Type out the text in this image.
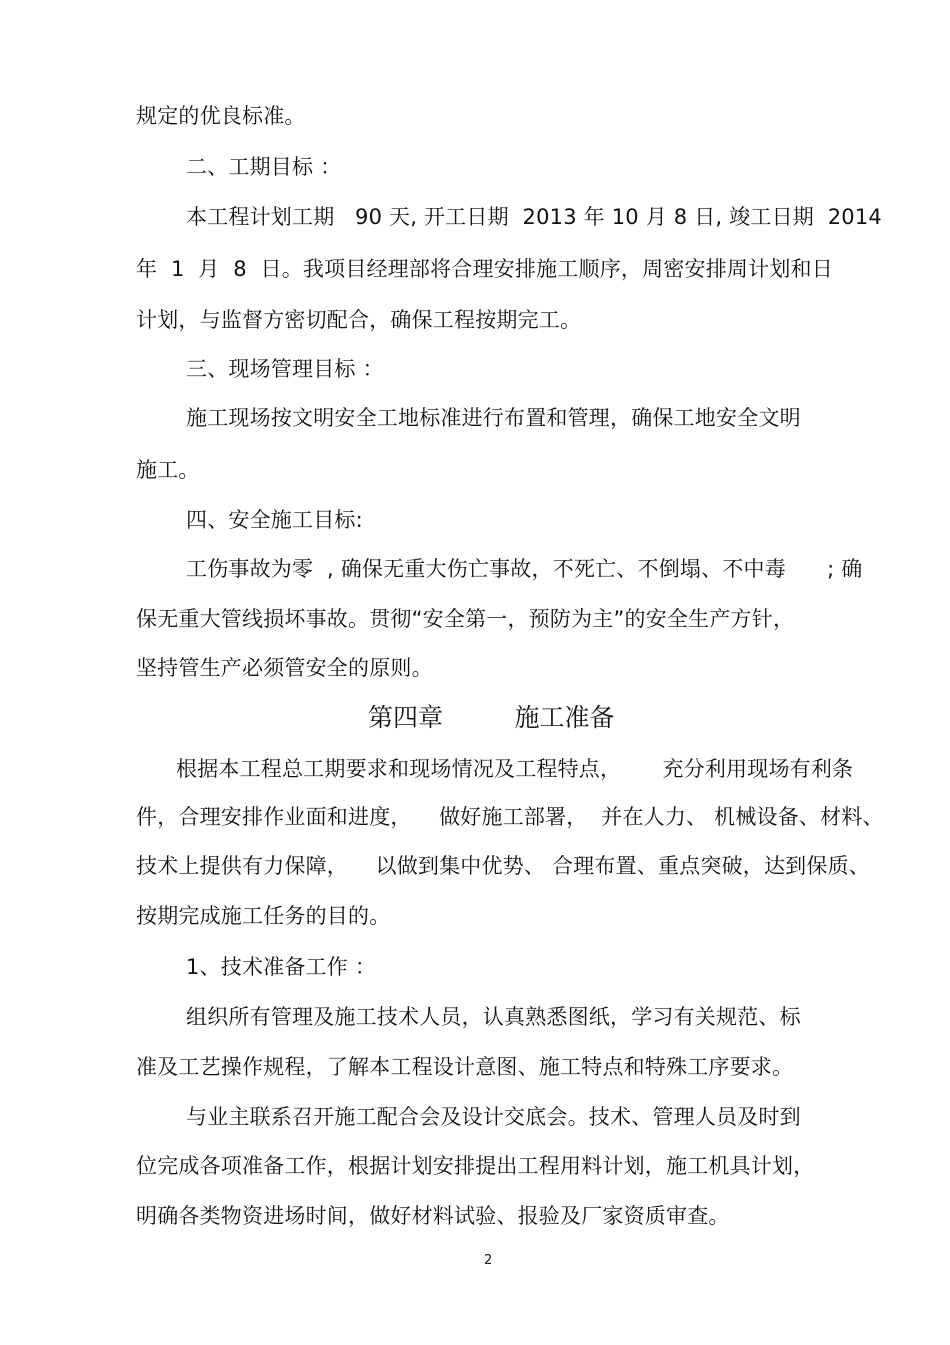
规定的优良标准。
二、工期目标 ：
本工程计划工期   90 天, 开工日期  2013 年 10 月 8 日, 竣工日期  2014
年  1  月  8  日。我项目经理部将合理安排施工顺序，周密安排周计划和日
计划，与监督方密切配合，确保工程按期完工。
三、现场管理目标 ：
施工现场按文明安全工地标准进行布置和管理，确保工地安全文明
施工。
四、安全施工目标:
工伤事故为零  , 确保无重大伤亡事故，不死亡、不倒塌、不中毒      ; 确
保无重大管线损坏事故。贯彻“安全第一，预防为主”的安全生产方针，
坚持管生产必须管安全的原则。
第四章         施工准备
根据本工程总工期要求和现场情况及工程特点，      充分利用现场有利条
件，合理安排作业面和进度，    做好施工部署，  并在人力、 机械设备、材料、
技术上提供有力保障，    以做到集中优势、 合理布置、重点突破，达到保质、
按期完成施工任务的目的。
1、技术准备工作 ：
组织所有管理及施工技术人员，认真熟悉图纸，学习有关规范、标
准及工艺操作规程，了解本工程设计意图、施工特点和特殊工序要求。
与业主联系召开施工配合会及设计交底会。技术、管理人员及时到
位完成各项准备工作，根据计划安排提出工程用料计划，施工机具计划，
明确各类物资进场时间，做好材料试验、报验及厂家资质审查。
2
